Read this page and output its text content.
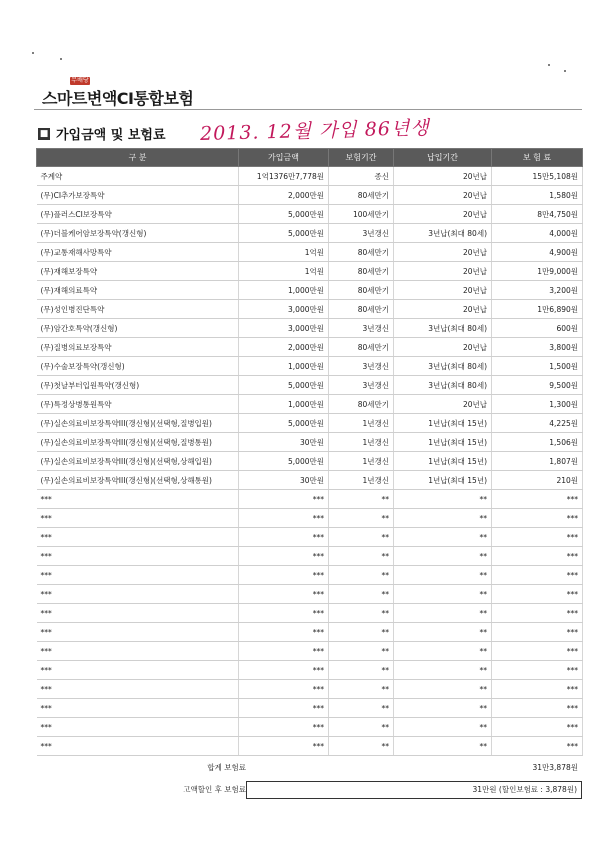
무배당
스마트변액CI통합보험
■ 가입금액 및 보험료 2013. 12월 가입 86년생
구 분	가입금액	보험기간	납입기간	보 험 료
주계약	1억1376만7,778원	종신	20년납	15만5,108원
(무)CI추가보장특약	2,000만원	80세만기	20년납	1,580원
(무)플러스CI보장특약	5,000만원	100세만기	20년납	8만4,750원
(무)더블케어암보장특약(갱신형)	5,000만원	3년갱신	3년납(최대 80세)	4,000원
(무)교통재해사망특약	1억원	80세만기	20년납	4,900원
(무)재해보장특약	1억원	80세만기	20년납	1만9,000원
(무)재해의료특약	1,000만원	80세만기	20년납	3,200원
(무)성인병진단특약	3,000만원	80세만기	20년납	1만6,890원
(무)암간호특약(갱신형)	3,000만원	3년갱신	3년납(최대 80세)	600원
(무)질병의료보장특약	2,000만원	80세만기	20년납	3,800원
(무)수술보장특약(갱신형)	1,000만원	3년갱신	3년납(최대 80세)	1,500원
(무)첫날부터입원특약(갱신형)	5,000만원	3년갱신	3년납(최대 80세)	9,500원
(무)특정상병통원특약	1,000만원	80세만기	20년납	1,300원
(무)실손의료비보장특약III(갱신형)(선택형,질병입원)	5,000만원	1년갱신	1년납(최대 15년)	4,225원
(무)실손의료비보장특약III(갱신형)(선택형,질병통원)	30만원	1년갱신	1년납(최대 15년)	1,506원
(무)실손의료비보장특약III(갱신형)(선택형,상해입원)	5,000만원	1년갱신	1년납(최대 15년)	1,807원
(무)실손의료비보장특약III(갱신형)(선택형,상해통원)	30만원	1년갱신	1년납(최대 15년)	210원
***	***	**	**	***
***	***	**	**	***
***	***	**	**	***
***	***	**	**	***
***	***	**	**	***
***	***	**	**	***
***	***	**	**	***
***	***	**	**	***
***	***	**	**	***
***	***	**	**	***
***	***	**	**	***
***	***	**	**	***
***	***	**	**	***
***	***	**	**	***
합계 보험료	31만3,878원
고액할인 후 보험료	31만원 (할인보험료 : 3,878원)
